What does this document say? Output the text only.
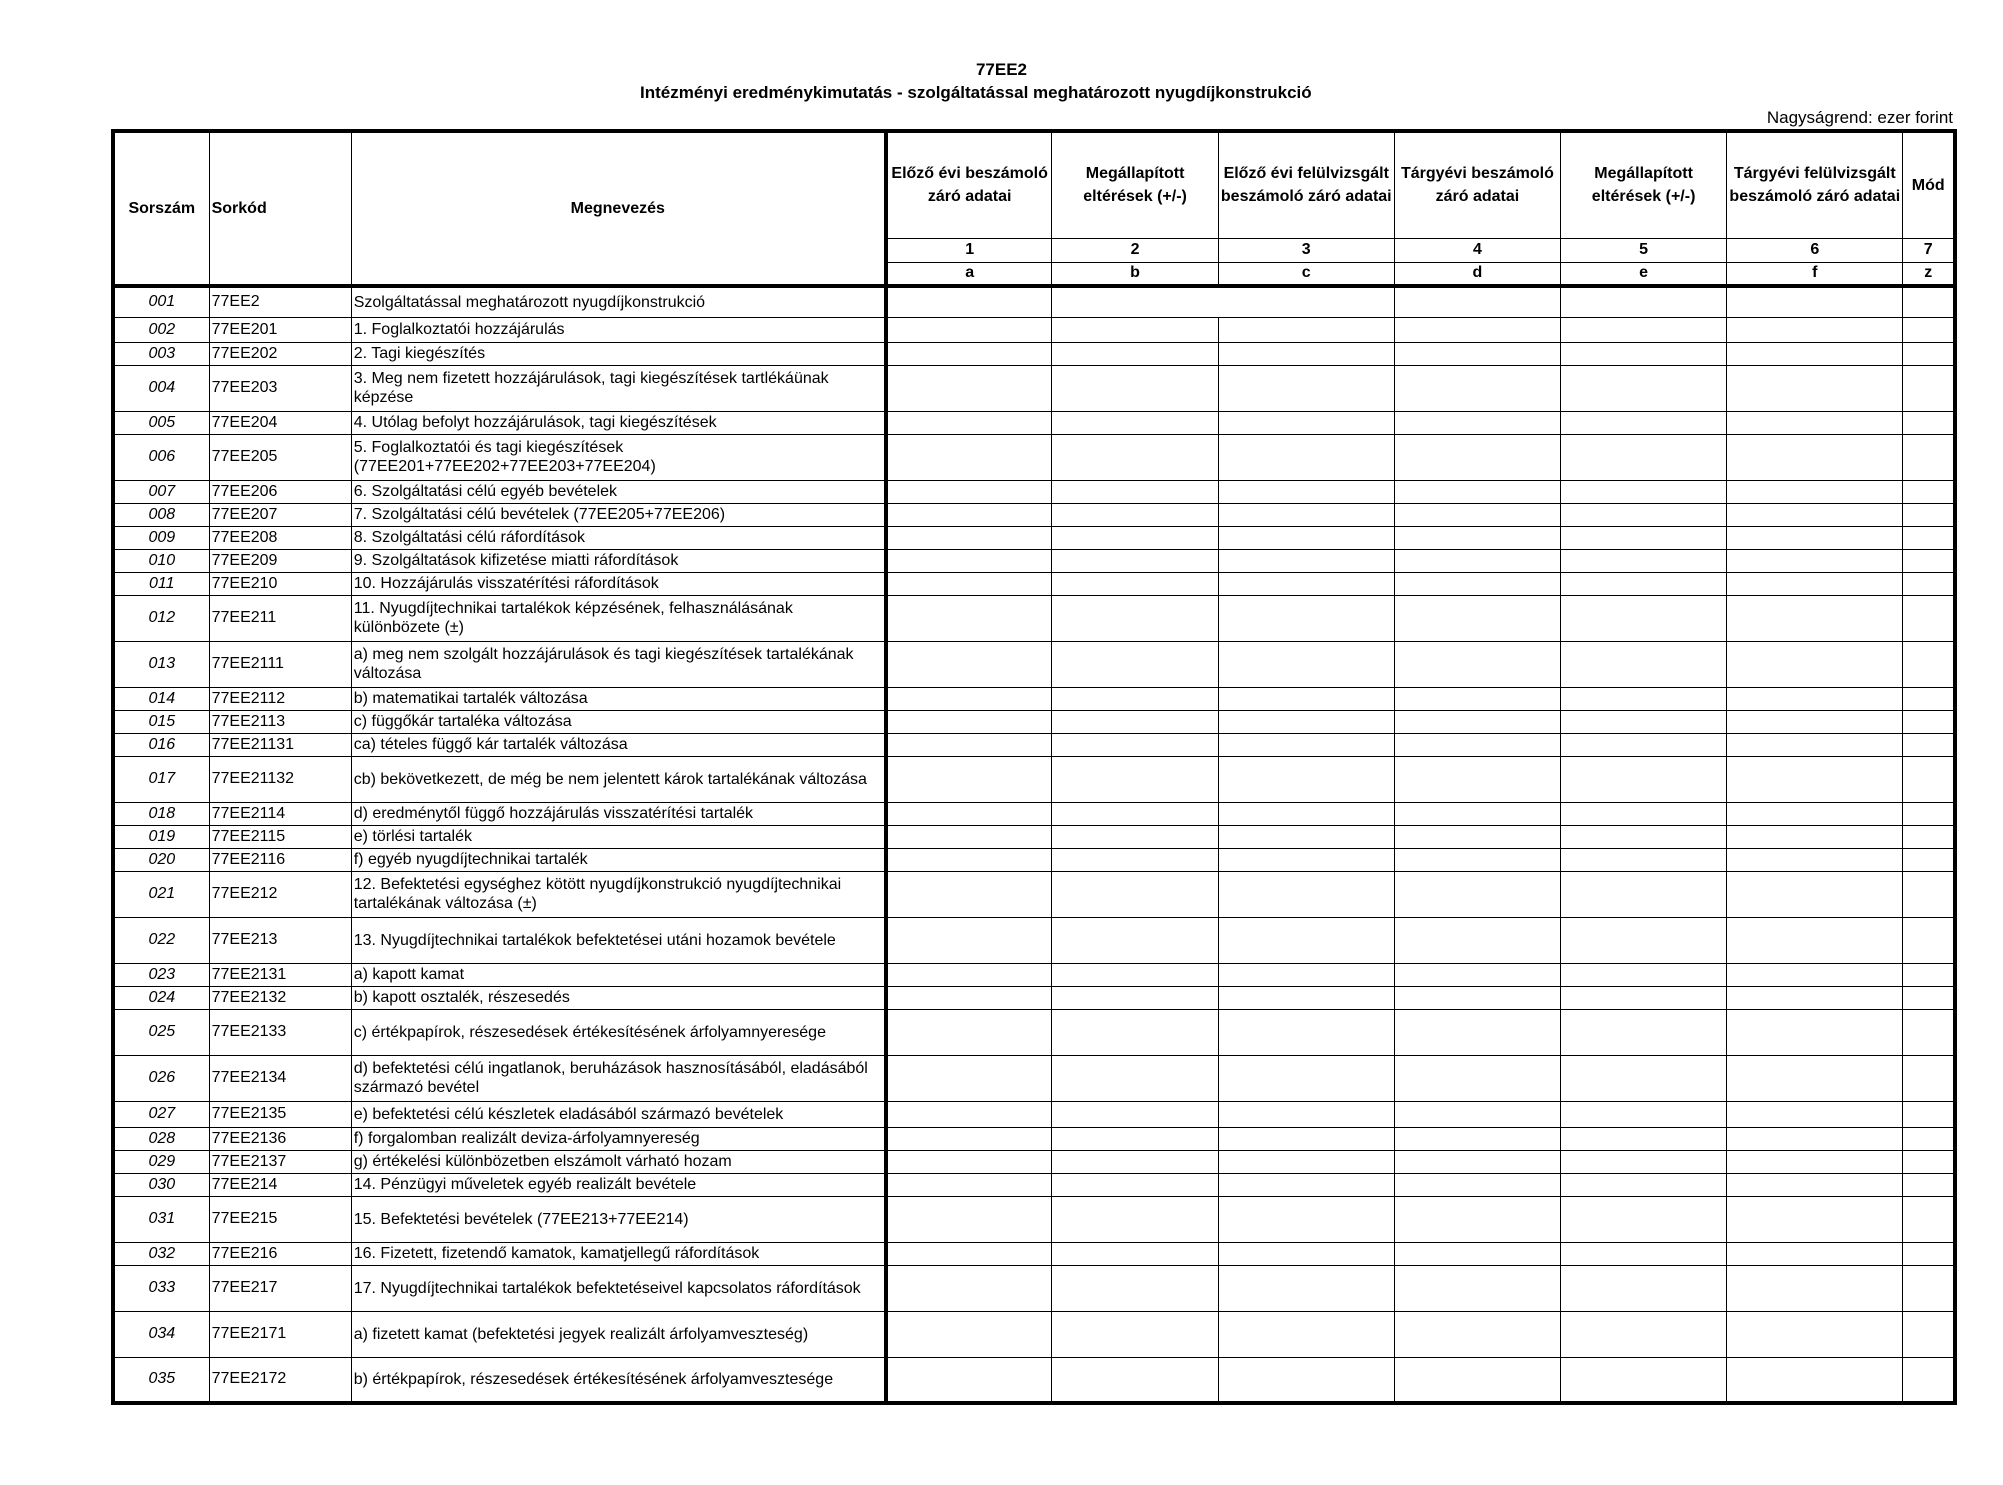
77EE2
Intézményi eredménykimutatás - szolgáltatással meghatározott nyugdíjkonstrukció
Nagyságrend: ezer forint
Sorszám	Sorkód	Megnevezés	Előző évi beszámoló záró adatai	Megállapított eltérések (+/-)	Előző évi felülvizsgált beszámoló záró adatai	Tárgyévi beszámoló záró adatai	Megállapított eltérések (+/-)	Tárgyévi felülvizsgált beszámoló záró adatai	Mód
			1	2	3	4	5	6	7
			a	b	c	d	e	f	z
001	77EE2	Szolgáltatással meghatározott nyugdíjkonstrukció							
002	77EE201	1. Foglalkoztatói hozzájárulás							
003	77EE202	2. Tagi kiegészítés							
004	77EE203	3. Meg nem fizetett hozzájárulások, tagi kiegészítések tartlékáünak képzése							
005	77EE204	4. Utólag befolyt hozzájárulások, tagi kiegészítések							
006	77EE205	5. Foglalkoztatói és tagi kiegészítések (77EE201+77EE202+77EE203+77EE204)							
007	77EE206	6. Szolgáltatási célú egyéb bevételek							
008	77EE207	7. Szolgáltatási célú bevételek (77EE205+77EE206)							
009	77EE208	8. Szolgáltatási célú ráfordítások							
010	77EE209	9. Szolgáltatások kifizetése miatti ráfordítások							
011	77EE210	10. Hozzájárulás visszatérítési ráfordítások							
012	77EE211	11. Nyugdíjtechnikai tartalékok képzésének, felhasználásának különbözete (±)							
013	77EE2111	a) meg nem szolgált hozzájárulások és tagi kiegészítések tartalékának változása							
014	77EE2112	b) matematikai tartalék változása							
015	77EE2113	c) függőkár tartaléka változása							
016	77EE21131	ca) tételes függő kár tartalék változása							
017	77EE21132	cb) bekövetkezett, de még be nem jelentett károk tartalékának változása							
018	77EE2114	d) eredménytől függő hozzájárulás visszatérítési tartalék							
019	77EE2115	e) törlési tartalék							
020	77EE2116	f) egyéb nyugdíjtechnikai tartalék							
021	77EE212	12. Befektetési egységhez kötött nyugdíjkonstrukció nyugdíjtechnikai tartalékának változása (±)							
022	77EE213	13. Nyugdíjtechnikai tartalékok befektetései utáni hozamok bevétele							
023	77EE2131	a) kapott kamat							
024	77EE2132	b) kapott osztalék, részesedés							
025	77EE2133	c) értékpapírok, részesedések értékesítésének árfolyamnyeresége							
026	77EE2134	d) befektetési célú ingatlanok, beruházások hasznosításából, eladásából származó bevétel							
027	77EE2135	e) befektetési célú készletek eladásából származó bevételek							
028	77EE2136	f) forgalomban realizált deviza-árfolyamnyereség							
029	77EE2137	g) értékelési különbözetben elszámolt várható hozam							
030	77EE214	14. Pénzügyi műveletek egyéb realizált bevétele							
031	77EE215	15. Befektetési bevételek (77EE213+77EE214)							
032	77EE216	16. Fizetett, fizetendő kamatok, kamatjellegű ráfordítások							
033	77EE217	17. Nyugdíjtechnikai tartalékok befektetéseivel kapcsolatos ráfordítások							
034	77EE2171	a) fizetett kamat (befektetési jegyek realizált árfolyamveszteség)							
035	77EE2172	b) értékpapírok, részesedések értékesítésének árfolyamvesztesége							
